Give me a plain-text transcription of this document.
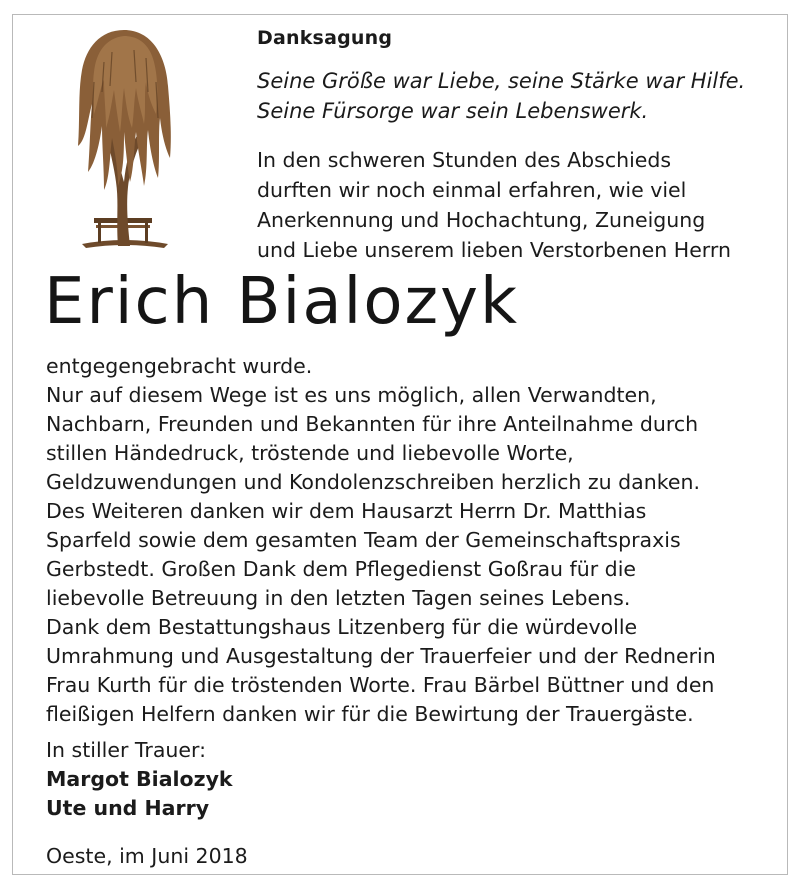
Danksagung
Seine Größe war Liebe, seine Stärke war Hilfe.
Seine Fürsorge war sein Lebenswerk.
In den schweren Stunden des Abschieds
durften wir noch einmal erfahren, wie viel
Anerkennung und Hochachtung, Zuneigung
und Liebe unserem lieben Verstorbenen Herrn
Erich Bialozyk
entgegengebracht wurde.
Nur auf diesem Wege ist es uns möglich, allen Verwandten,
Nachbarn, Freunden und Bekannten für ihre Anteilnahme durch
stillen Händedruck, tröstende und liebevolle Worte,
Geldzuwendungen und Kondolenzschreiben herzlich zu danken.
Des Weiteren danken wir dem Hausarzt Herrn Dr. Matthias
Sparfeld sowie dem gesamten Team der Gemeinschaftspraxis
Gerbstedt. Großen Dank dem Pflegedienst Goßrau für die
liebevolle Betreuung in den letzten Tagen seines Lebens.
Dank dem Bestattungshaus Litzenberg für die würdevolle
Umrahmung und Ausgestaltung der Trauerfeier und der Rednerin
Frau Kurth für die tröstenden Worte. Frau Bärbel Büttner und den
fleißigen Helfern danken wir für die Bewirtung der Trauergäste.
In stiller Trauer:
Margot Bialozyk
Ute und Harry
Oeste, im Juni 2018
